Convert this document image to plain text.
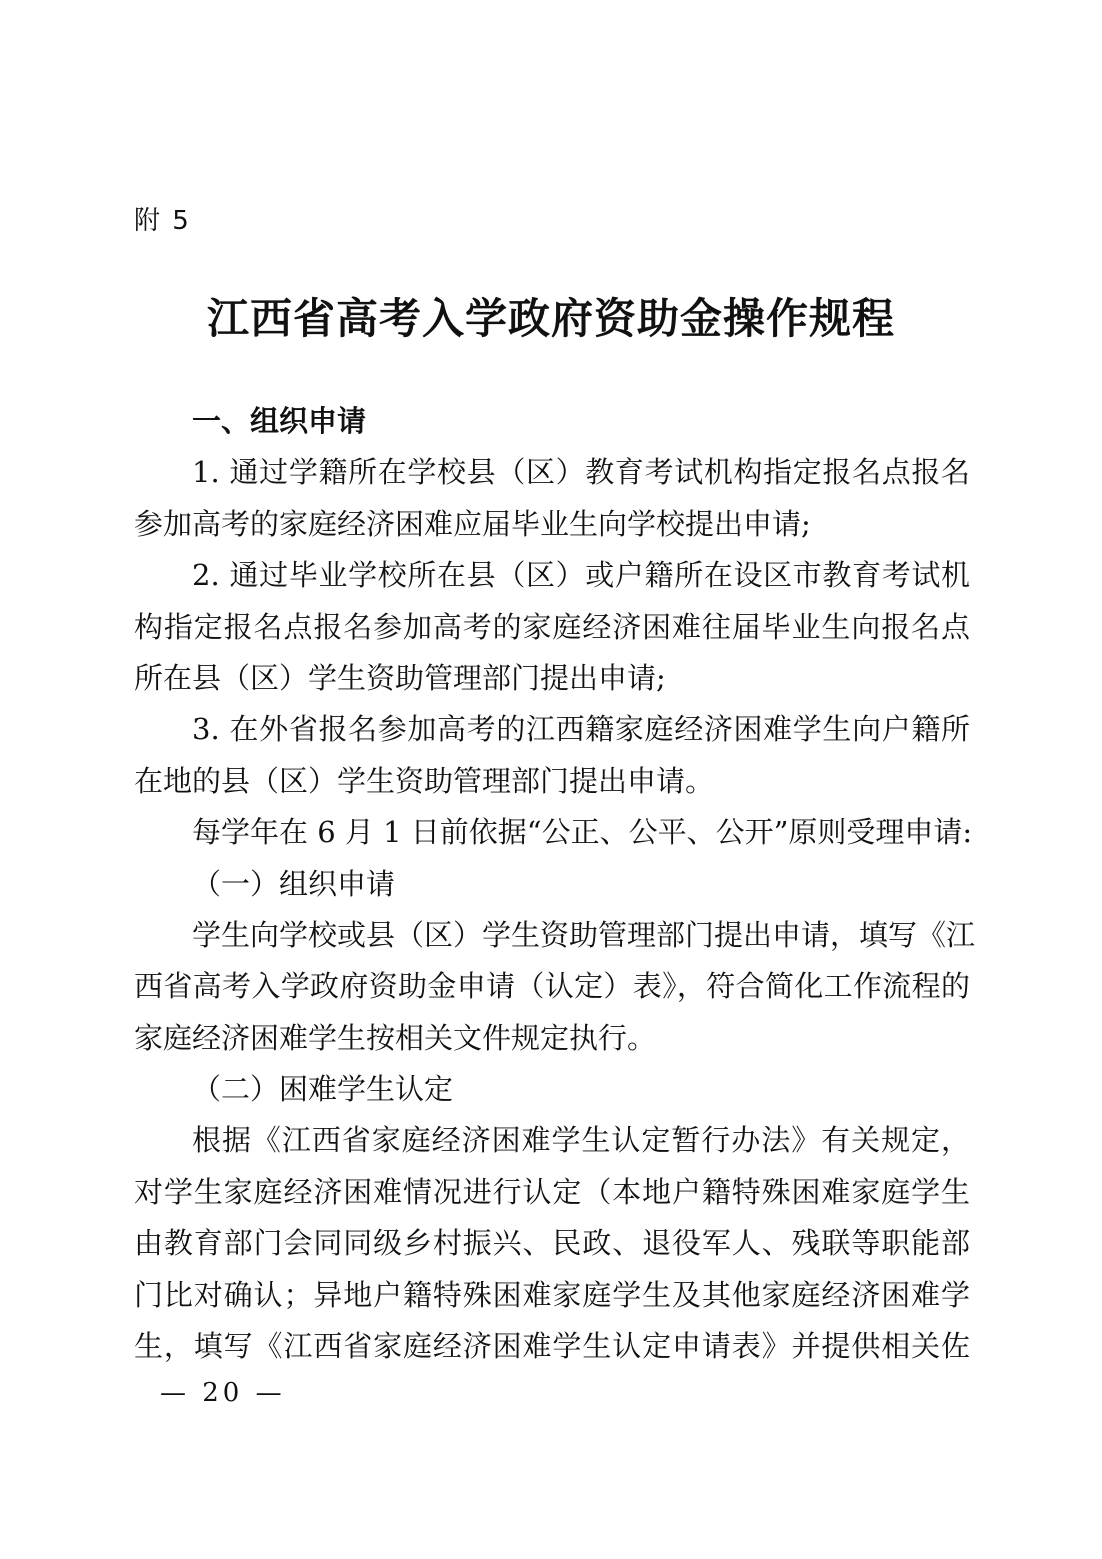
附 5
江西省高考入学政府资助金操作规程
一、组织申请
1. 通过学籍所在学校县（区）教育考试机构指定报名点报名
参加高考的家庭经济困难应届毕业生向学校提出申请;
2. 通过毕业学校所在县（区）或户籍所在设区市教育考试机
构指定报名点报名参加高考的家庭经济困难往届毕业生向报名点
所在县（区）学生资助管理部门提出申请;
3. 在外省报名参加高考的江西籍家庭经济困难学生向户籍所
在地的县（区）学生资助管理部门提出申请。
每学年在 6 月 1 日前依据“公正、公平、公开”原则受理申请:
（一）组织申请
学生向学校或县（区）学生资助管理部门提出申请，填写《江
西省高考入学政府资助金申请（认定）表》，符合简化工作流程的
家庭经济困难学生按相关文件规定执行。
（二）困难学生认定
根据《江西省家庭经济困难学生认定暂行办法》有关规定，
对学生家庭经济困难情况进行认定（本地户籍特殊困难家庭学生
由教育部门会同同级乡村振兴、民政、退役军人、残联等职能部
门比对确认；异地户籍特殊困难家庭学生及其他家庭经济困难学
生，填写《江西省家庭经济困难学生认定申请表》并提供相关佐
— 20 —
